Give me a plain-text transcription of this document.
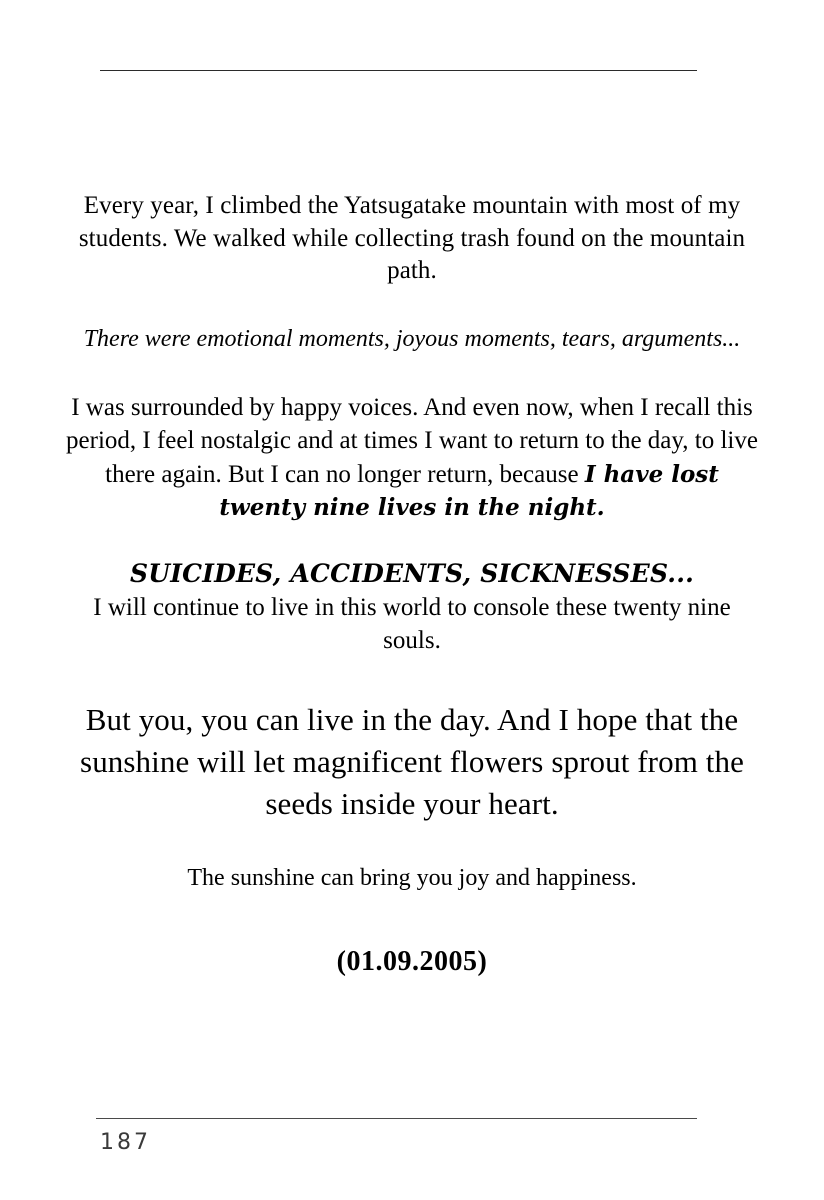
Every year, I climbed the Yatsugatake mountain with most of my students. We walked while collecting trash found on the mountain path.

There were emotional moments, joyous moments, tears, arguments...

I was surrounded by happy voices. And even now, when I recall this period, I feel nostalgic and at times I want to return to the day, to live there again. But I can no longer return, because I have lost twenty nine lives in the night.

SUICIDES, ACCIDENTS, SICKNESSES...

I will continue to live in this world to console these twenty nine souls.

But you, you can live in the day. And I hope that the sunshine will let magnificent flowers sprout from the seeds inside your heart.

The sunshine can bring you joy and happiness.

(01.09.2005)

187
